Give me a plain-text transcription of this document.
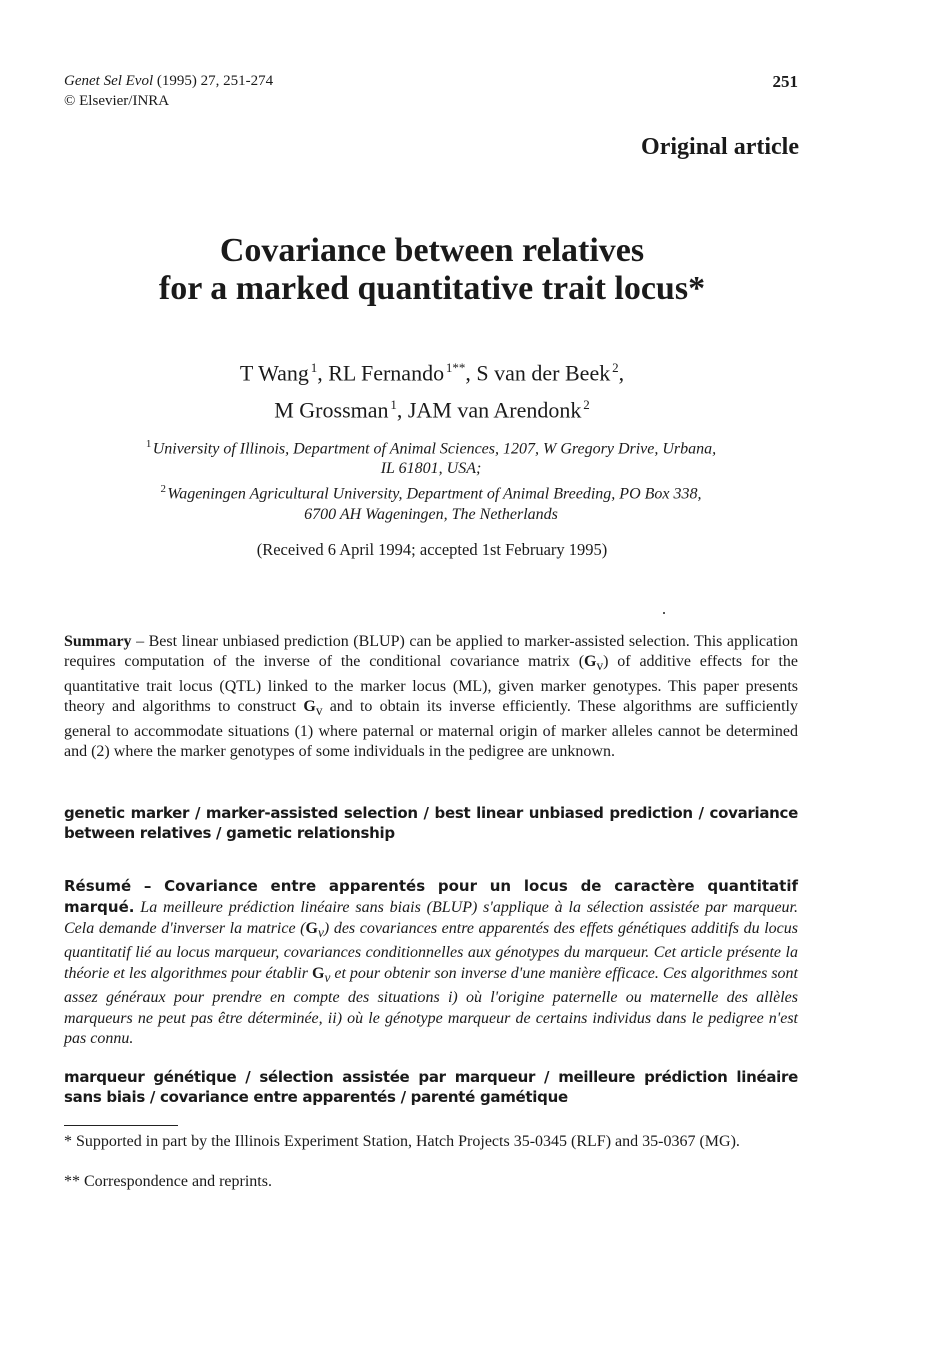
Genet Sel Evol (1995) 27, 251-274
© Elsevier/INRA
251
Original article
Covariance between relatives
for a marked quantitative trait locus*
T Wang  $^1$, RL Fernando  $^{1**}$, S van der Beek  $^2$,
M Grossman  $^1$, JAM van Arendonk  $^2$
$^1$ University of Illinois, Department of Animal Sciences, 1207, W Gregory Drive, Urbana,
IL 61801, USA;
$^2$ Wageningen Agricultural University, Department of Animal Breeding, PO Box 338,
6700 AH Wageningen, The Netherlands
(Received 6 April 1994; accepted 1st February 1995)
Summary – Best linear unbiased prediction (BLUP) can be applied to marker-assisted selection. This application requires computation of the inverse of the conditional covariance matrix $(G_v)$ of additive effects for the quantitative trait locus (QTL) linked to the marker locus (ML), given marker genotypes. This paper presents theory and algorithms to construct $G_v$ and to obtain its inverse efficiently. These algorithms are sufficiently general to accommodate situations (1) where paternal or maternal origin of marker alleles cannot be determined and (2) where the marker genotypes of some individuals in the pedigree are unknown.
genetic marker / marker-assisted selection / best linear unbiased prediction / covariance between relatives / gametic relationship
Résumé – Covariance entre apparentés pour un locus de caractère quantitatif marqué. La meilleure prédiction linéaire sans biais (BLUP) s'applique à la sélection assistée par marqueur. Cela demande d'inverser la matrice $(G_v)$ des covariances entre apparentés des effets génétiques additifs du locus quantitatif lié au locus marqueur, covariances conditionnelles aux génotypes du marqueur. Cet article présente la théorie et les algorithmes pour établir $G_v$ et pour obtenir son inverse d'une manière efficace. Ces algorithmes sont assez généraux pour prendre en compte des situations i) où l'origine paternelle ou maternelle des allèles marqueurs ne peut pas être déterminée, ii) où le génotype marqueur de certains individus dans le pedigree n'est pas connu.
marqueur génétique / sélection assistée par marqueur / meilleure prédiction linéaire sans biais / covariance entre apparentés / parenté gamétique
* Supported in part by the Illinois Experiment Station, Hatch Projects 35-0345 (RLF) and 35-0367 (MG).
** Correspondence and reprints.
